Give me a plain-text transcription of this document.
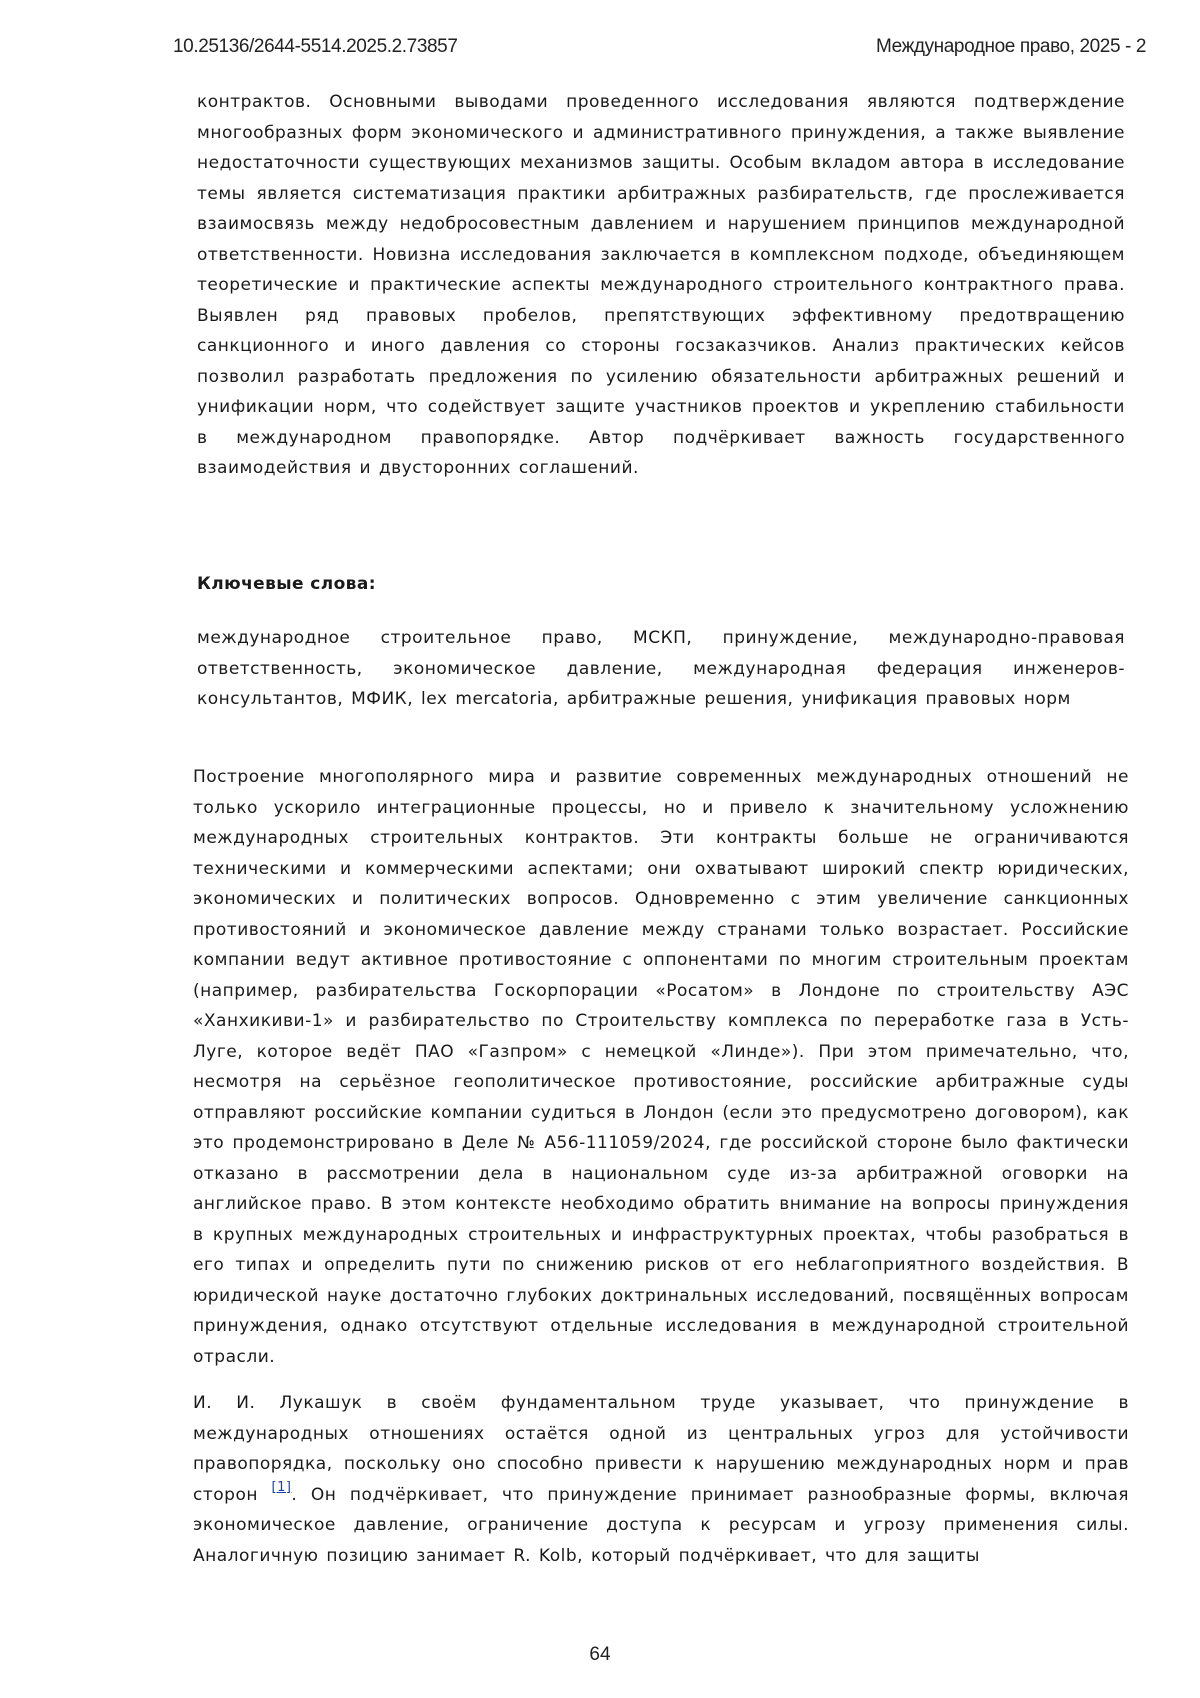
10.25136/2644-5514.2025.2.73857	Международное право, 2025 - 2

контрактов. Основными выводами проведенного исследования являются подтверждение многообразных форм экономического и административного принуждения, а также выявление недостаточности существующих механизмов защиты. Особым вкладом автора в исследование темы является систематизация практики арбитражных разбирательств, где прослеживается взаимосвязь между недобросовестным давлением и нарушением принципов международной ответственности. Новизна исследования заключается в комплексном подходе, объединяющем теоретические и практические аспекты международного строительного контрактного права. Выявлен ряд правовых пробелов, препятствующих эффективному предотвращению санкционного и иного давления со стороны госзаказчиков. Анализ практических кейсов позволил разработать предложения по усилению обязательности арбитражных решений и унификации норм, что содействует защите участников проектов и укреплению стабильности в международном правопорядке. Автор подчёркивает важность государственного взаимодействия и двусторонних соглашений.

Ключевые слова:

международное строительное право, МСКП, принуждение, международно-правовая ответственность, экономическое давление, международная федерация инженеров-консультантов, МФИК, lex mercatoria, арбитражные решения, унификация правовых норм

Построение многополярного мира и развитие современных международных отношений не только ускорило интеграционные процессы, но и привело к значительному усложнению международных строительных контрактов. Эти контракты больше не ограничиваются техническими и коммерческими аспектами; они охватывают широкий спектр юридических, экономических и политических вопросов. Одновременно с этим увеличение санкционных противостояний и экономическое давление между странами только возрастает. Российские компании ведут активное противостояние с оппонентами по многим строительным проектам (например, разбирательства Госкорпорации «Росатом» в Лондоне по строительству АЭС «Ханхикиви-1» и разбирательство по Строительству комплекса по переработке газа в Усть-Луге, которое ведёт ПАО «Газпром» с немецкой «Линде»). При этом примечательно, что, несмотря на серьёзное геополитическое противостояние, российские арбитражные суды отправляют российские компании судиться в Лондон (если это предусмотрено договором), как это продемонстрировано в Деле № А56-111059/2024, где российской стороне было фактически отказано в рассмотрении дела в национальном суде из-за арбитражной оговорки на английское право. В этом контексте необходимо обратить внимание на вопросы принуждения в крупных международных строительных и инфраструктурных проектах, чтобы разобраться в его типах и определить пути по снижению рисков от его неблагоприятного воздействия. В юридической науке достаточно глубоких доктринальных исследований, посвящённых вопросам принуждения, однако отсутствуют отдельные исследования в международной строительной отрасли.

И. И. Лукашук в своём фундаментальном труде указывает, что принуждение в международных отношениях остаётся одной из центральных угроз для устойчивости правопорядка, поскольку оно способно привести к нарушению международных норм и прав сторон [1]. Он подчёркивает, что принуждение принимает разнообразные формы, включая экономическое давление, ограничение доступа к ресурсам и угрозу применения силы. Аналогичную позицию занимает R. Kolb, который подчёркивает, что для защиты

64
